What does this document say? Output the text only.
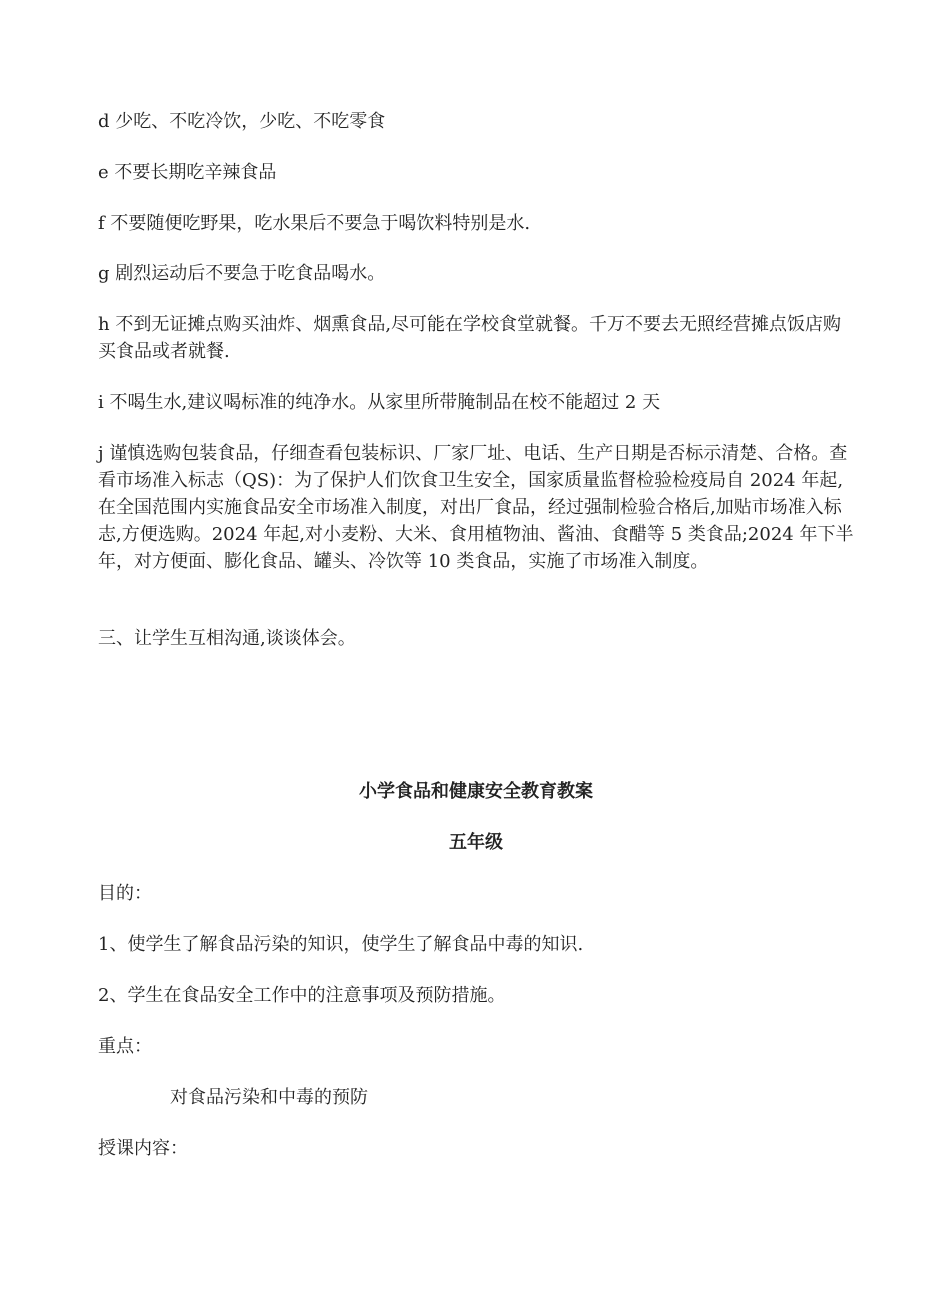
d 少吃、不吃冷饮，少吃、不吃零食

e 不要长期吃辛辣食品

f 不要随便吃野果，吃水果后不要急于喝饮料特别是水.

g 剧烈运动后不要急于吃食品喝水。

h 不到无证摊点购买油炸、烟熏食品,尽可能在学校食堂就餐。千万不要去无照经营摊点饭店购买食品或者就餐.

i 不喝生水,建议喝标准的纯净水。从家里所带腌制品在校不能超过 2 天

j 谨慎选购包装食品，仔细查看包装标识、厂家厂址、电话、生产日期是否标示清楚、合格。查看市场准入标志（QS)：为了保护人们饮食卫生安全，国家质量监督检验检疫局自 2024 年起,在全国范围内实施食品安全市场准入制度，对出厂食品，经过强制检验合格后,加贴市场准入标志,方便选购。2024 年起,对小麦粉、大米、食用植物油、酱油、食醋等 5 类食品;2024 年下半年，对方便面、膨化食品、罐头、冷饮等 10 类食品，实施了市场准入制度。

三、让学生互相沟通,谈谈体会。

小学食品和健康安全教育教案
五年级

目的：

1、使学生了解食品污染的知识，使学生了解食品中毒的知识.

2、学生在食品安全工作中的注意事项及预防措施。

重点：

对食品污染和中毒的预防

授课内容：
